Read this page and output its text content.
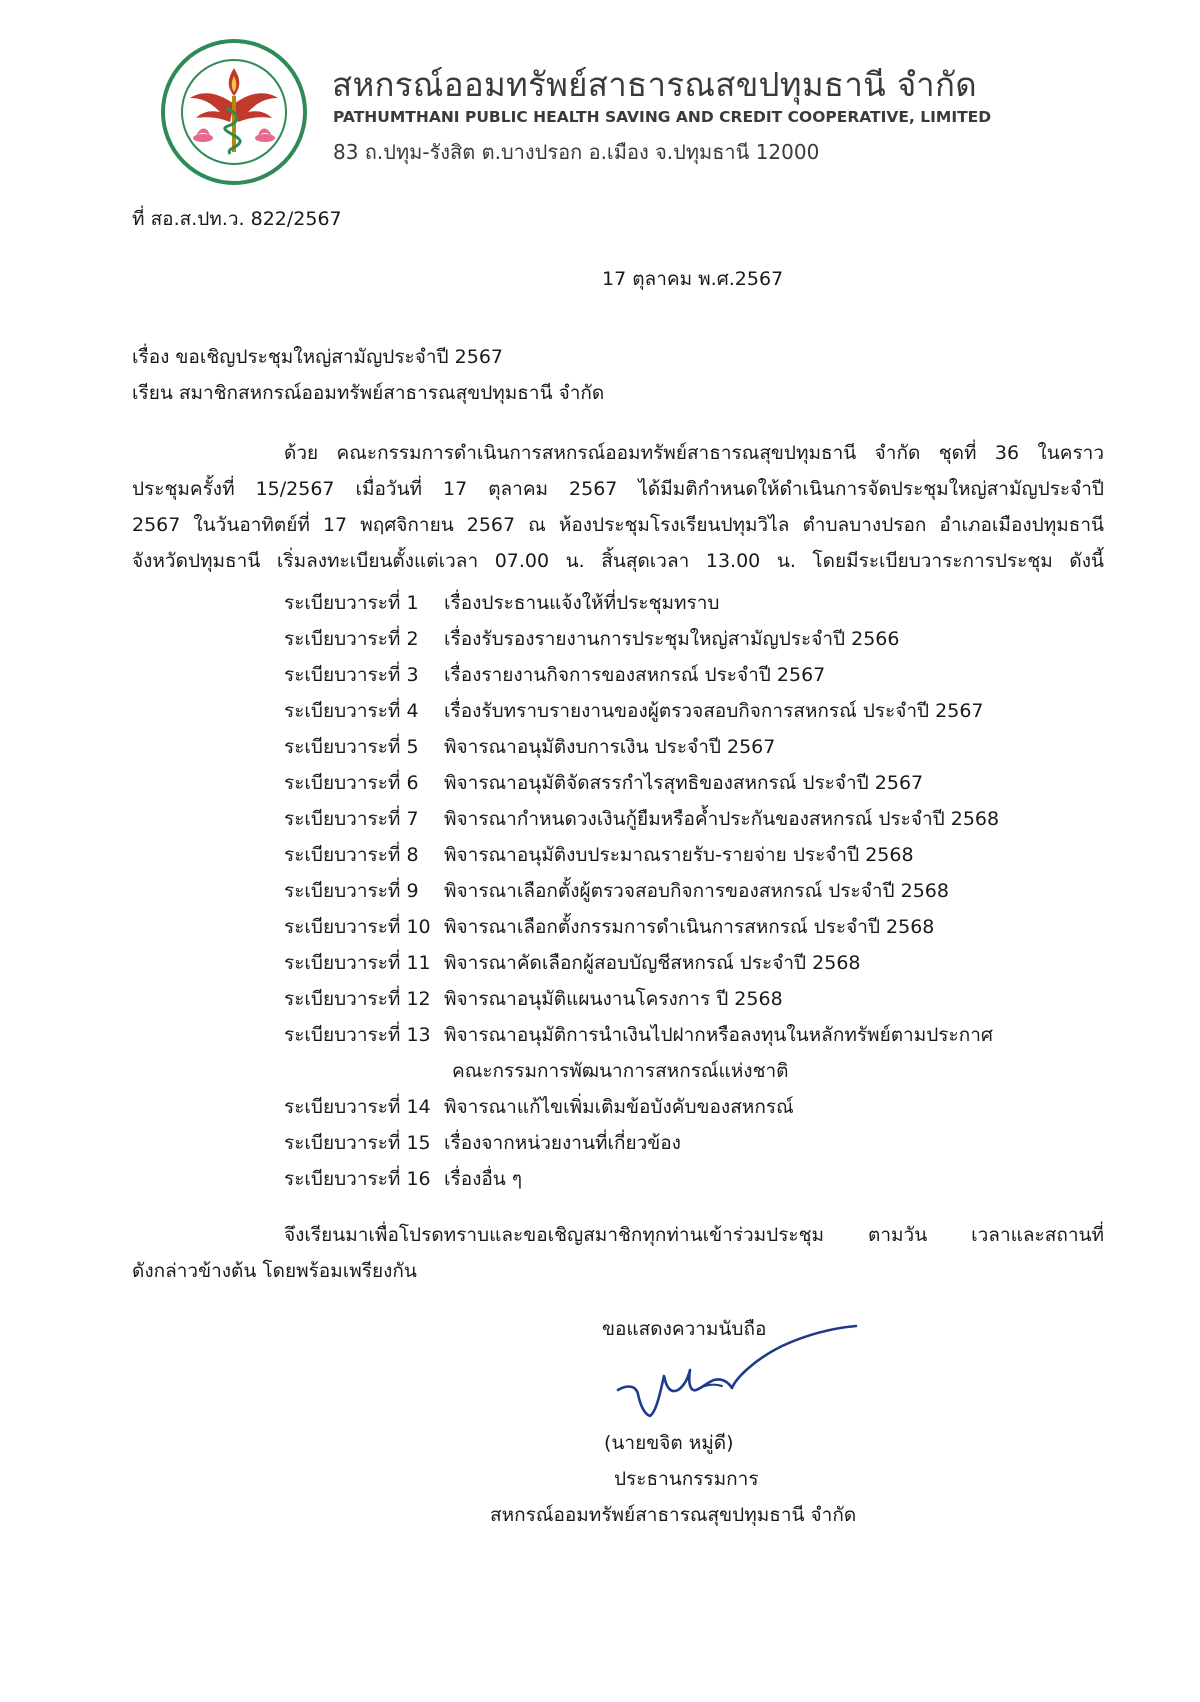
สหกรณ์ออมทรัพย์สาธารณสขปทุมธานี จำกัด
PATHUMTHANI PUBLIC HEALTH SAVING AND CREDIT COOPERATIVE, LIMITED
83 ถ.ปทุม-รังสิต ต.บางปรอก อ.เมือง จ.ปทุมธานี 12000
ที่ สอ.ส.ปท.ว. 822/2567
17 ตุลาคม พ.ศ.2567
เรื่อง ขอเชิญประชุมใหญ่สามัญประจำปี 2567
เรียน สมาชิกสหกรณ์ออมทรัพย์สาธารณสุขปทุมธานี จำกัด
ด้วย คณะกรรมการดำเนินการสหกรณ์ออมทรัพย์สาธารณสุขปทุมธานี จำกัด ชุดที่ 36 ในคราว
ประชุมครั้งที่ 15/2567 เมื่อวันที่ 17 ตุลาคม 2567 ได้มีมติกำหนดให้ดำเนินการจัดประชุมใหญ่สามัญประจำปี
2567 ในวันอาทิตย์ที่ 17 พฤศจิกายน 2567 ณ ห้องประชุมโรงเรียนปทุมวิไล ตำบลบางปรอก อำเภอเมืองปทุมธานี
จังหวัดปทุมธานี เริ่มลงทะเบียนตั้งแต่เวลา 07.00 น. สิ้นสุดเวลา 13.00 น. โดยมีระเบียบวาระการประชุม ดังนี้
ระเบียบวาระที่ 1 เรื่องประธานแจ้งให้ที่ประชุมทราบ
ระเบียบวาระที่ 2 เรื่องรับรองรายงานการประชุมใหญ่สามัญประจำปี 2566
ระเบียบวาระที่ 3 เรื่องรายงานกิจการของสหกรณ์ ประจำปี 2567
ระเบียบวาระที่ 4 เรื่องรับทราบรายงานของผู้ตรวจสอบกิจการสหกรณ์ ประจำปี 2567
ระเบียบวาระที่ 5 พิจารณาอนุมัติงบการเงิน ประจำปี 2567
ระเบียบวาระที่ 6 พิจารณาอนุมัติจัดสรรกำไรสุทธิของสหกรณ์ ประจำปี 2567
ระเบียบวาระที่ 7 พิจารณากำหนดวงเงินกู้ยืมหรือค้ำประกันของสหกรณ์ ประจำปี 2568
ระเบียบวาระที่ 8 พิจารณาอนุมัติงบประมาณรายรับ-รายจ่าย ประจำปี 2568
ระเบียบวาระที่ 9 พิจารณาเลือกตั้งผู้ตรวจสอบกิจการของสหกรณ์ ประจำปี 2568
ระเบียบวาระที่ 10 พิจารณาเลือกตั้งกรรมการดำเนินการสหกรณ์ ประจำปี 2568
ระเบียบวาระที่ 11 พิจารณาคัดเลือกผู้สอบบัญชีสหกรณ์ ประจำปี 2568
ระเบียบวาระที่ 12 พิจารณาอนุมัติแผนงานโครงการ ปี 2568
ระเบียบวาระที่ 13 พิจารณาอนุมัติการนำเงินไปฝากหรือลงทุนในหลักทรัพย์ตามประกาศ
คณะกรรมการพัฒนาการสหกรณ์แห่งชาติ
ระเบียบวาระที่ 14 พิจารณาแก้ไขเพิ่มเติมข้อบังคับของสหกรณ์
ระเบียบวาระที่ 15 เรื่องจากหน่วยงานที่เกี่ยวข้อง
ระเบียบวาระที่ 16 เรื่องอื่น ๆ
จึงเรียนมาเพื่อโปรดทราบและขอเชิญสมาชิกทุกท่านเข้าร่วมประชุม ตามวัน เวลาและสถานที่
ดังกล่าวข้างต้น โดยพร้อมเพรียงกัน
ขอแสดงความนับถือ
(นายขจิต หมู่ดี)
ประธานกรรมการ
สหกรณ์ออมทรัพย์สาธารณสุขปทุมธานี จำกัด
